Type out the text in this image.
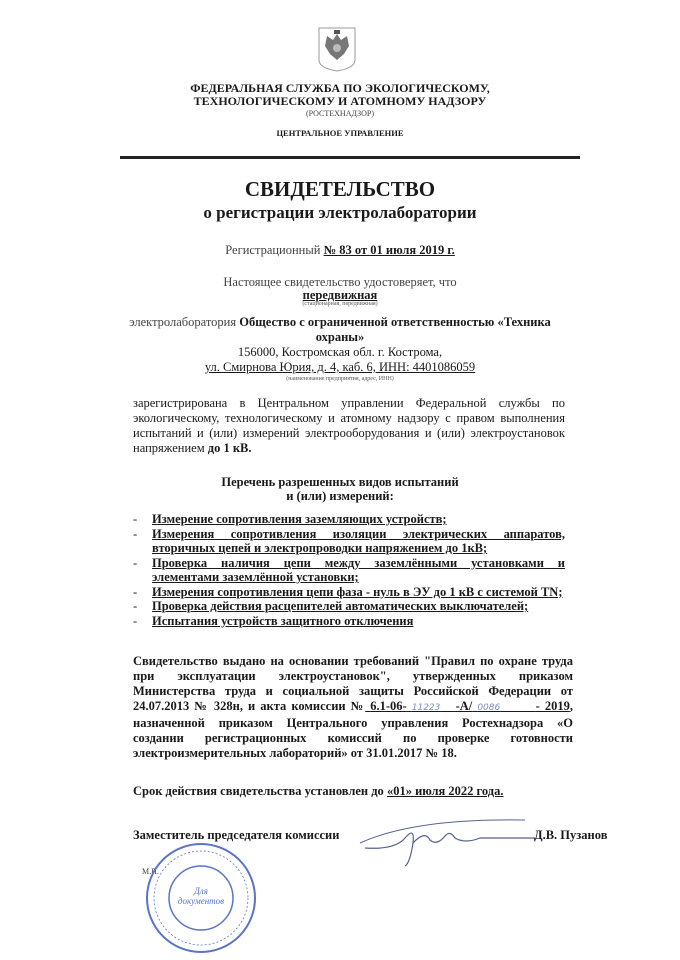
ФЕДЕРАЛЬНАЯ СЛУЖБА ПО ЭКОЛОГИЧЕСКОМУ,
ТЕХНОЛОГИЧЕСКОМУ И АТОМНОМУ НАДЗОРУ
(РОСТЕХНАДЗОР)
ЦЕНТРАЛЬНОЕ УПРАВЛЕНИЕ
СВИДЕТЕЛЬСТВО
о регистрации электролаборатории
Регистрационный № 83 от 01 июля 2019 г.
Настоящее свидетельство удостоверяет, что
передвижная
(стационарная, передвижная)
электролаборатория Общество с ограниченной ответственностью «Техника
охраны»
156000, Костромская обл. г. Кострома,
ул. Смирнова Юрия, д. 4, каб. 6, ИНН: 4401086059
(наименование предприятия, адрес, ИНН)
зарегистрирована в Центральном управлении Федеральной службы по экологическому, технологическому и атомному надзору с правом выполнения испытаний и (или) измерений электрооборудования и (или) электроустановок напряжением до 1 кВ.
Перечень разрешенных видов испытаний
и (или) измерений:
-	Измерение сопротивления заземляющих устройств;
-	Измерения сопротивления изоляции электрических аппаратов, вторичных цепей и электропроводки напряжением до 1кВ;
-	Проверка наличия цепи между заземлёнными установками и элементами заземлённой установки;
-	Измерения сопротивления цепи фаза - нуль в ЭУ до 1 кВ с системой TN;
-	Проверка действия расцепителей автоматических выключателей;
-	Испытания устройств защитного отключения
Свидетельство выдано на основании требований "Правил по охране труда при эксплуатации электроустановок", утвержденных приказом Министерства труда и социальной защиты Российской Федерации от 24.07.2013 № 328н, и акта комиссии № 6.1-06- 11223 -А/ 0086	- 2019, назначенной приказом Центрального управления Ростехнадзора «О создании регистрационных комиссий по проверке готовности электроизмерительных лабораторий» от 31.01.2017 № 18.
Срок действия свидетельства установлен до «01» июля 2022 года.
Заместитель председателя комиссии	Д.В. Пузанов
М.П.
Для
документов
